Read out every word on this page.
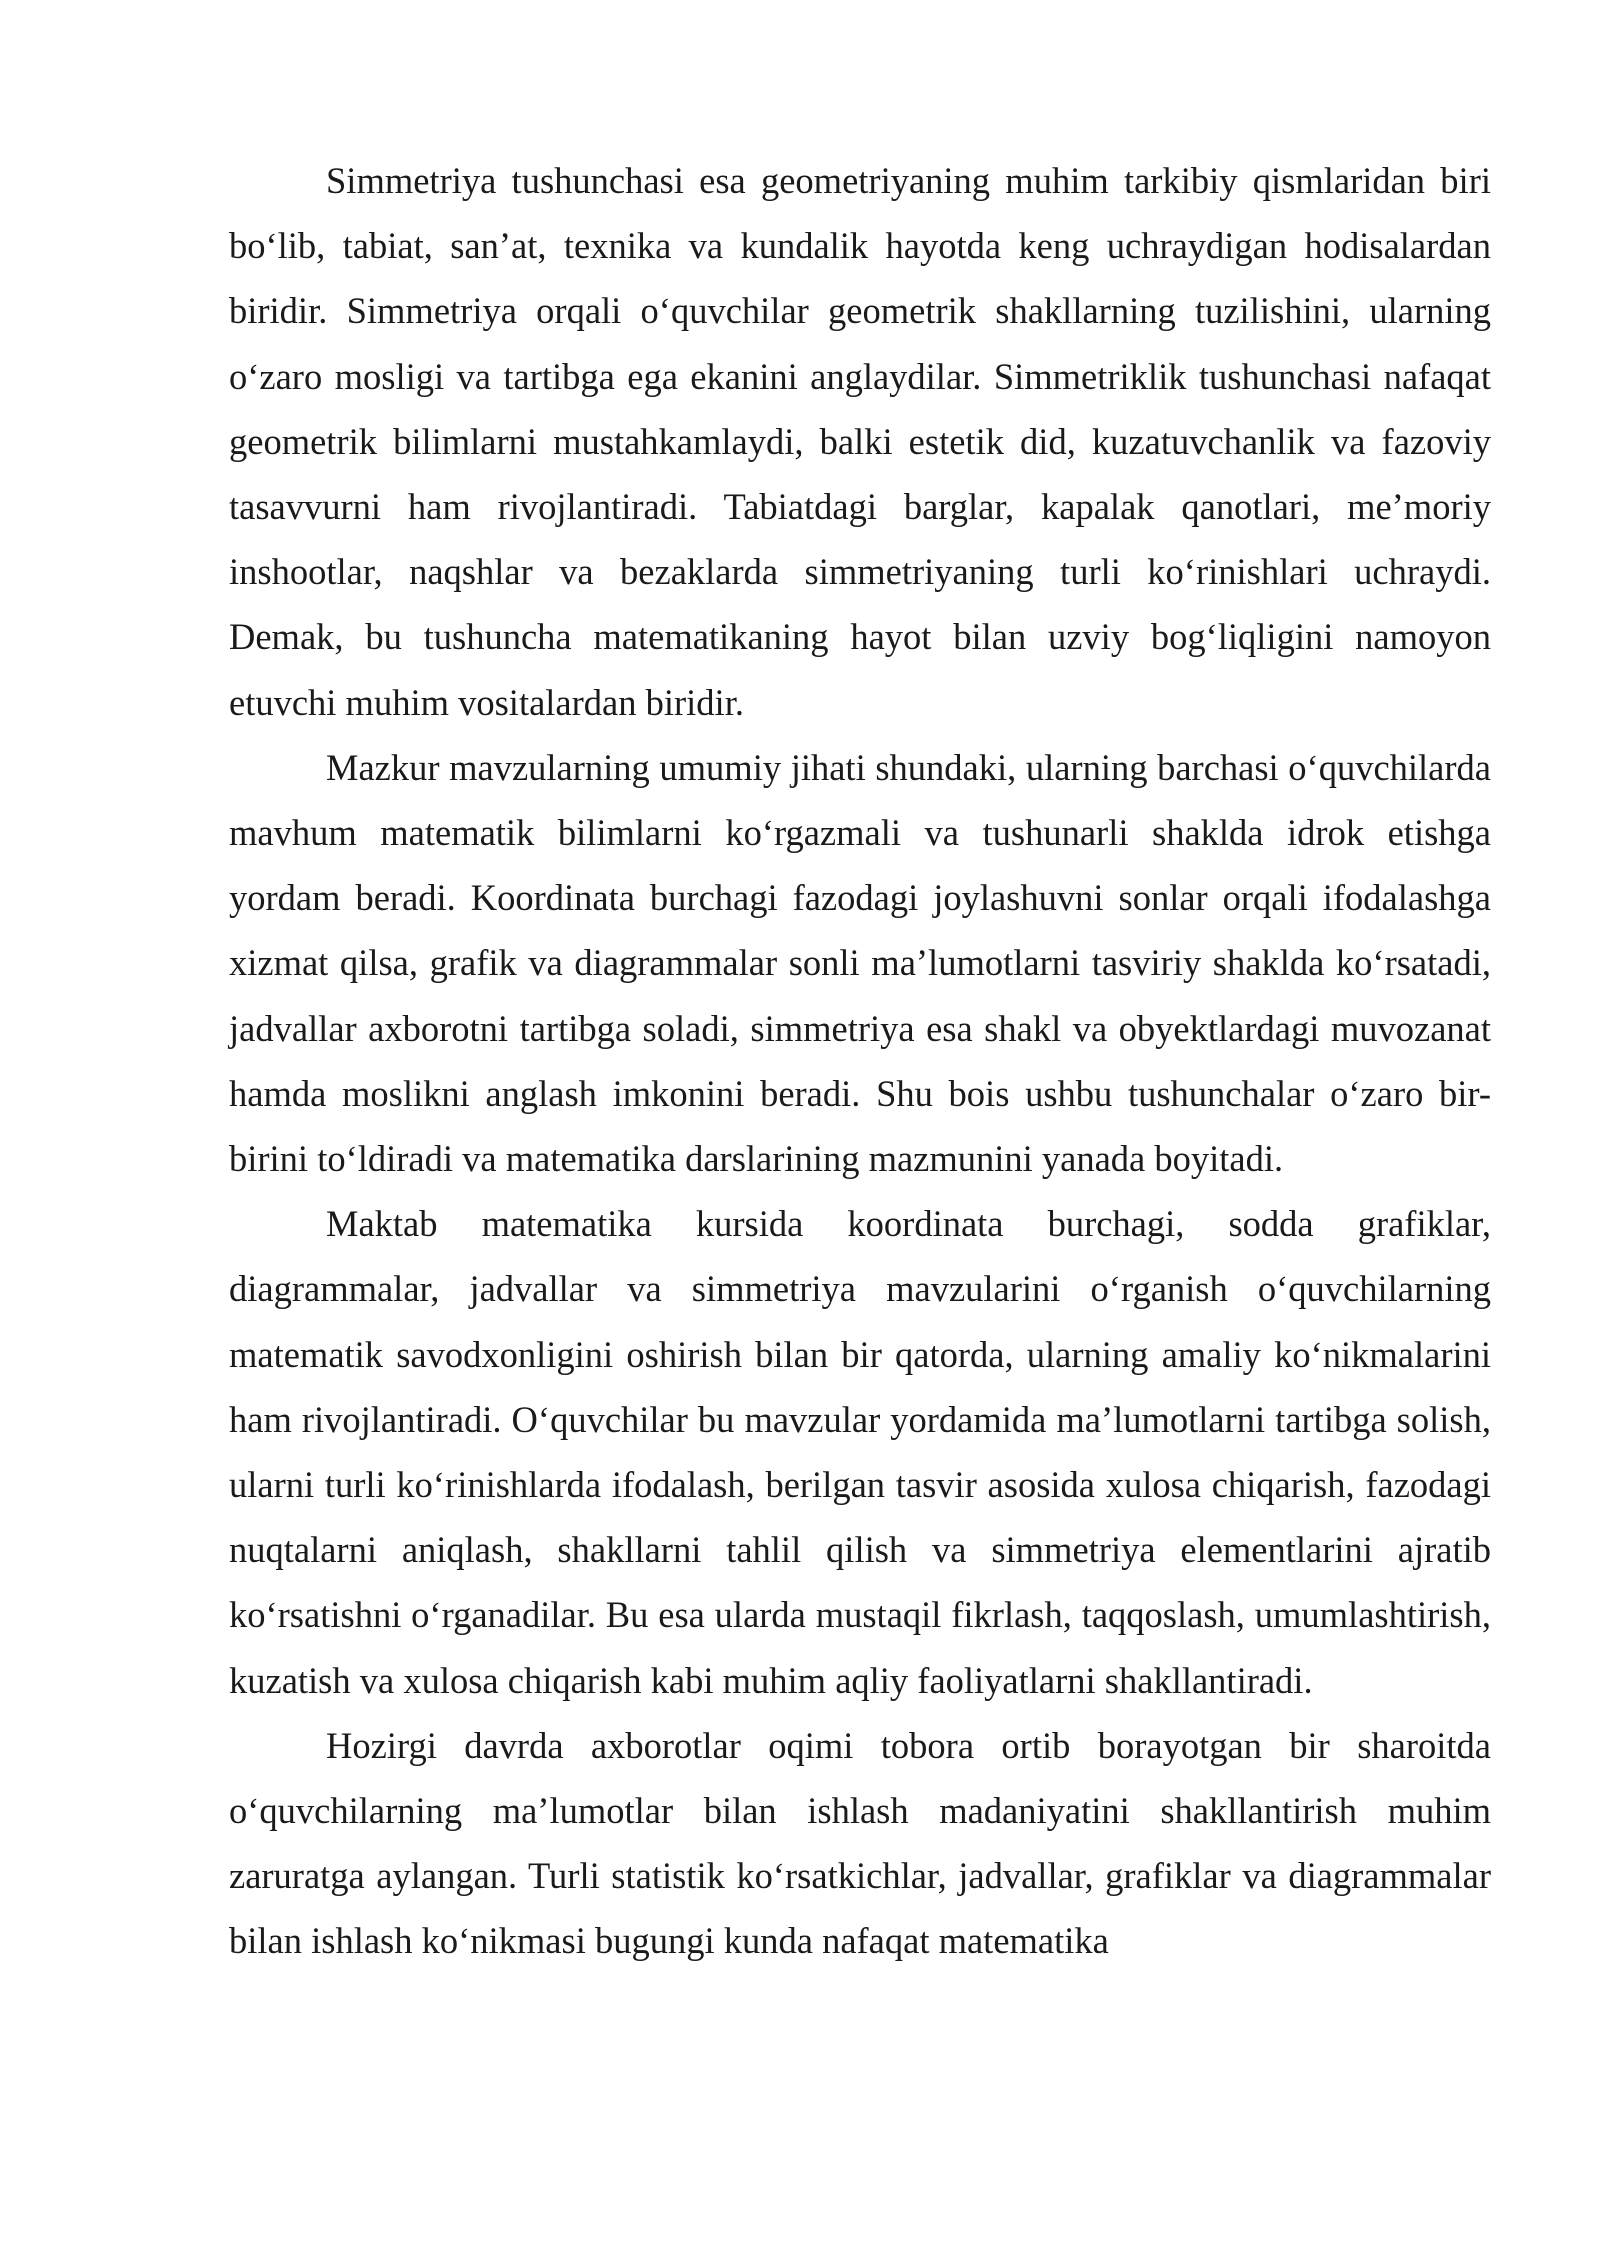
Simmetriya tushunchasi esa geometriyaning muhim tarkibiy qismlaridan biri bo‘lib, tabiat, san’at, texnika va kundalik hayotda keng uchraydigan hodisalardan biridir. Simmetriya orqali o‘quvchilar geometrik shakllarning tuzilishini, ularning o‘zaro mosligi va tartibga ega ekanini anglaydilar. Simmetriklik tushunchasi nafaqat geometrik bilimlarni mustahkamlaydi, balki estetik did, kuzatuvchanlik va fazoviy tasavvurni ham rivojlantiradi. Tabiatdagi barglar, kapalak qanotlari, me’moriy inshootlar, naqshlar va bezaklarda simmetriyaning turli ko‘rinishlari uchraydi. Demak, bu tushuncha matematikaning hayot bilan uzviy bog‘liqligini namoyon etuvchi muhim vositalardan biridir.

Mazkur mavzularning umumiy jihati shundaki, ularning barchasi o‘quvchilarda mavhum matematik bilimlarni ko‘rgazmali va tushunarli shaklda idrok etishga yordam beradi. Koordinata burchagi fazodagi joylashuvni sonlar orqali ifodalashga xizmat qilsa, grafik va diagrammalar sonli ma’lumotlarni tasviriy shaklda ko‘rsatadi, jadvallar axborotni tartibga soladi, simmetriya esa shakl va obyektlardagi muvozanat hamda moslikni anglash imkonini beradi. Shu bois ushbu tushunchalar o‘zaro bir-birini to‘ldiradi va matematika darslarining mazmunini yanada boyitadi.

Maktab matematika kursida koordinata burchagi, sodda grafiklar, diagrammalar, jadvallar va simmetriya mavzularini o‘rganish o‘quvchilarning matematik savodxonligini oshirish bilan bir qatorda, ularning amaliy ko‘nikmalarini ham rivojlantiradi. O‘quvchilar bu mavzular yordamida ma’lumotlarni tartibga solish, ularni turli ko‘rinishlarda ifodalash, berilgan tasvir asosida xulosa chiqarish, fazodagi nuqtalarni aniqlash, shakllarni tahlil qilish va simmetriya elementlarini ajratib ko‘rsatishni o‘rganadilar. Bu esa ularda mustaqil fikrlash, taqqoslash, umumlashtirish, kuzatish va xulosa chiqarish kabi muhim aqliy faoliyatlarni shakllantiradi.

Hozirgi davrda axborotlar oqimi tobora ortib borayotgan bir sharoitda o‘quvchilarning ma’lumotlar bilan ishlash madaniyatini shakllantirish muhim zaruratga aylangan. Turli statistik ko‘rsatkichlar, jadvallar, grafiklar va diagrammalar bilan ishlash ko‘nikmasi bugungi kunda nafaqat matematika
